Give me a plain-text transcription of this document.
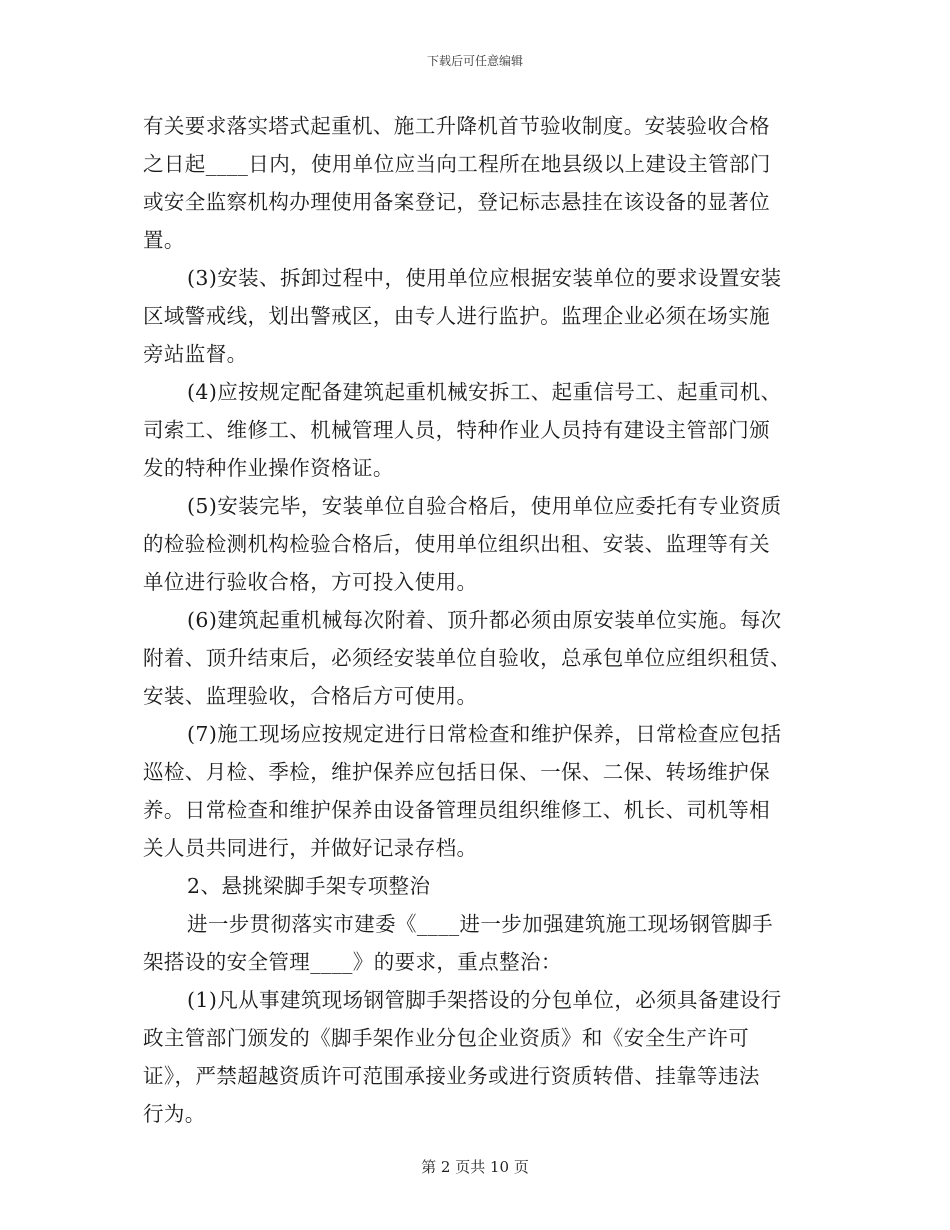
下载后可任意编辑
有关要求落实塔式起重机、施工升降机首节验收制度。安装验收合格
之日起____日内，使用单位应当向工程所在地县级以上建设主管部门
或安全监察机构办理使用备案登记，登记标志悬挂在该设备的显著位
置。
(3)安装、拆卸过程中，使用单位应根据安装单位的要求设置安装
区域警戒线，划出警戒区，由专人进行监护。监理企业必须在场实施
旁站监督。
(4)应按规定配备建筑起重机械安拆工、起重信号工、起重司机、
司索工、维修工、机械管理人员，特种作业人员持有建设主管部门颁
发的特种作业操作资格证。
(5)安装完毕，安装单位自验合格后，使用单位应委托有专业资质
的检验检测机构检验合格后，使用单位组织出租、安装、监理等有关
单位进行验收合格，方可投入使用。
(6)建筑起重机械每次附着、顶升都必须由原安装单位实施。每次
附着、顶升结束后，必须经安装单位自验收，总承包单位应组织租赁、
安装、监理验收，合格后方可使用。
(7)施工现场应按规定进行日常检查和维护保养，日常检查应包括
巡检、月检、季检，维护保养应包括日保、一保、二保、转场维护保
养。日常检查和维护保养由设备管理员组织维修工、机长、司机等相
关人员共同进行，并做好记录存档。
2、悬挑梁脚手架专项整治
进一步贯彻落实市建委《____进一步加强建筑施工现场钢管脚手
架搭设的安全管理____》的要求，重点整治：
(1)凡从事建筑现场钢管脚手架搭设的分包单位，必须具备建设行
政主管部门颁发的《脚手架作业分包企业资质》和《安全生产许可
证》，严禁超越资质许可范围承接业务或进行资质转借、挂靠等违法
行为。
第 2 页共 10 页
